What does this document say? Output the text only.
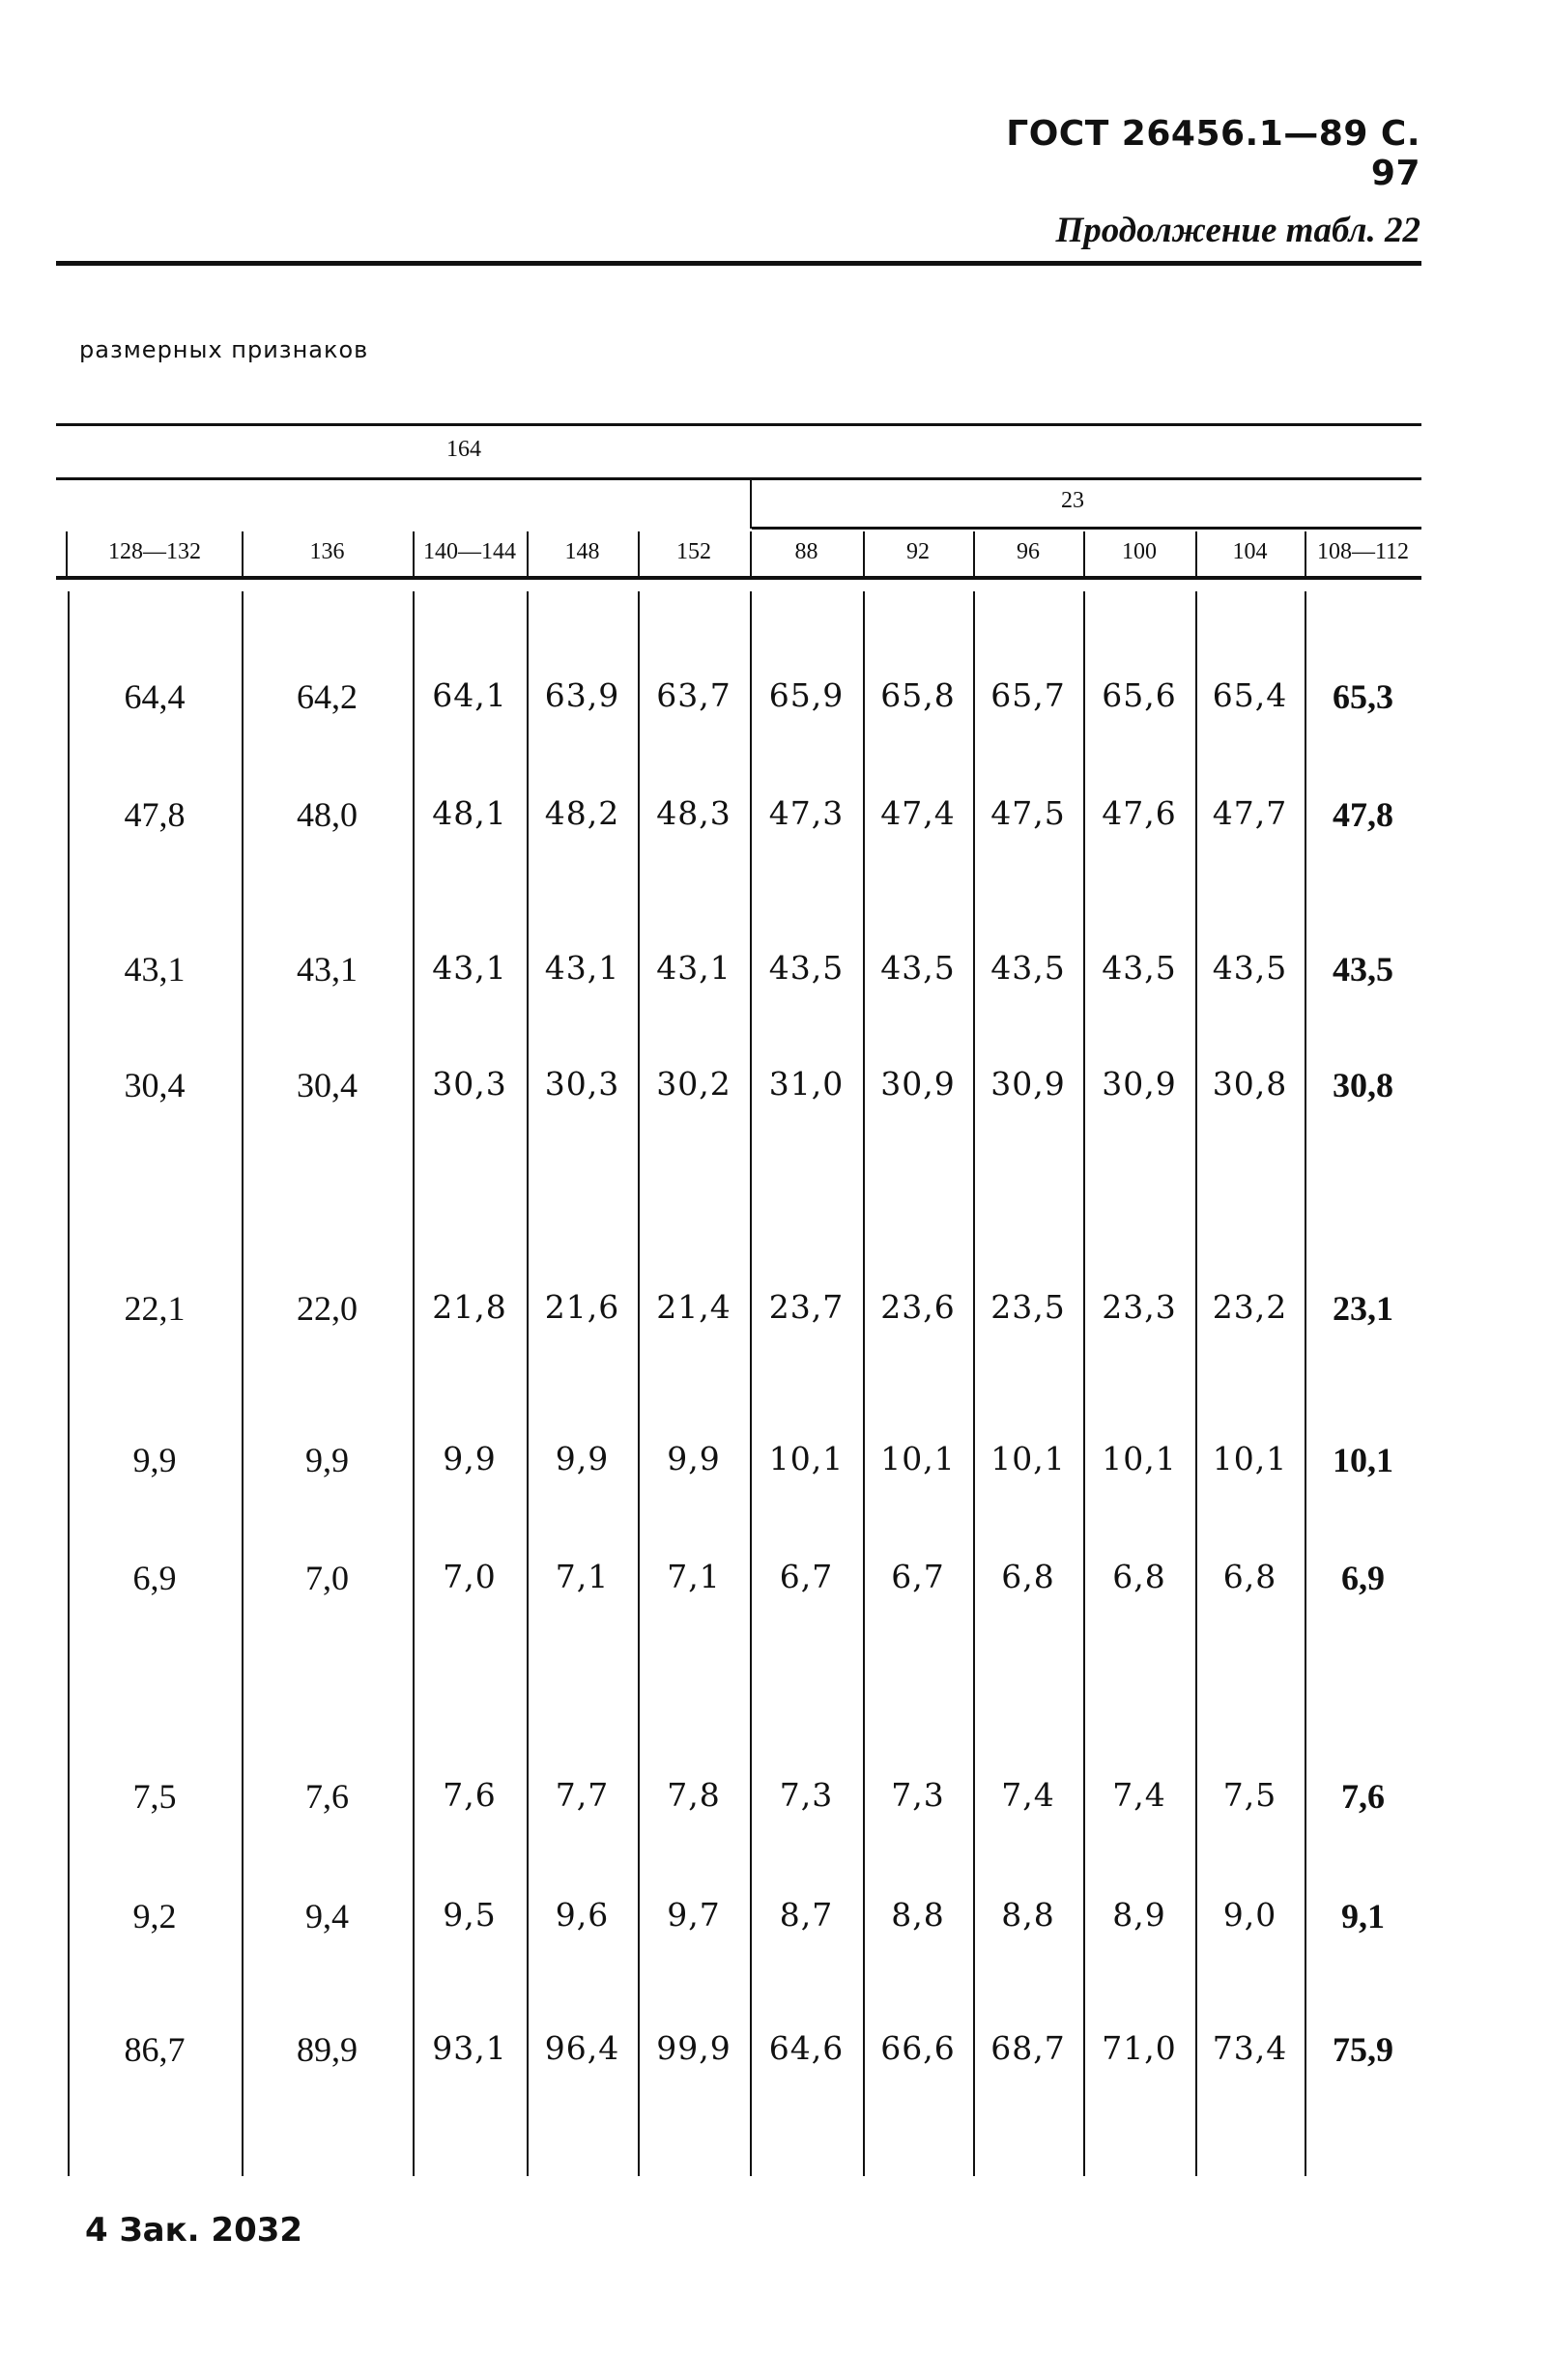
ГОСТ 26456.1—89 С. 97
Продолжение табл. 22
размерных признаков
164
23
128—132	136	140—144	148	152	88	92	96	100	104	108—112
64,4	64,2	64,1	63,9	63,7	65,9	65,8	65,7	65,6	65,4	65,3
47,8	48,0	48,1	48,2	48,3	47,3	47,4	47,5	47,6	47,7	47,8
43,1	43,1	43,1	43,1	43,1	43,5	43,5	43,5	43,5	43,5	43,5
30,4	30,4	30,3	30,3	30,2	31,0	30,9	30,9	30,9	30,8	30,8
22,1	22,0	21,8	21,6	21,4	23,7	23,6	23,5	23,3	23,2	23,1
9,9	9,9	9,9	9,9	9,9	10,1	10,1	10,1	10,1	10,1	10,1
6,9	7,0	7,0	7,1	7,1	6,7	6,7	6,8	6,8	6,8	6,9
7,5	7,6	7,6	7,7	7,8	7,3	7,3	7,4	7,4	7,5	7,6
9,2	9,4	9,5	9,6	9,7	8,7	8,8	8,8	8,9	9,0	9,1
86,7	89,9	93,1	96,4	99,9	64,6	66,6	68,7	71,0	73,4	75,9
4 Зак. 2032
